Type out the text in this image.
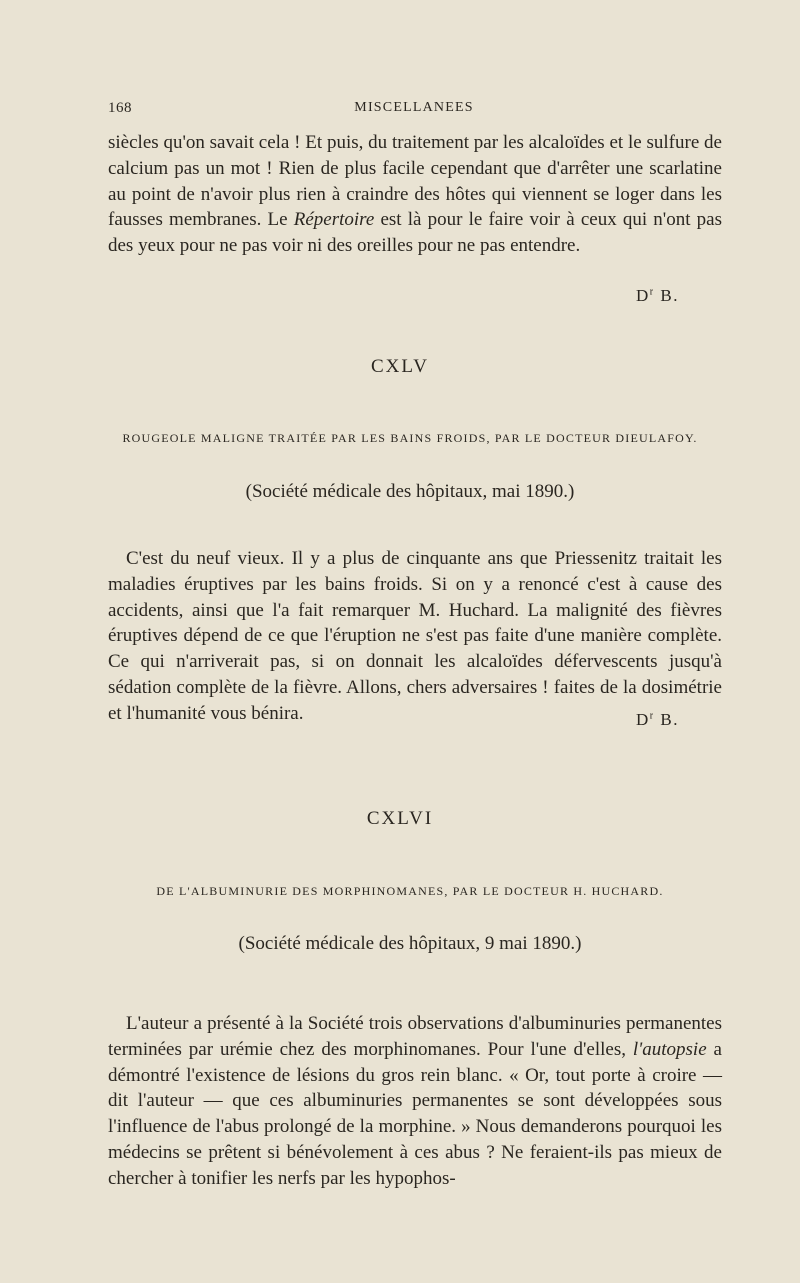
168	MISCELLANEES

siècles qu'on savait cela ! Et puis, du traitement par les alcaloïdes et le sulfure de calcium pas un mot ! Rien de plus facile cependant que d'arrêter une scarlatine au point de n'avoir plus rien à craindre des hôtes qui viennent se loger dans les fausses membranes. Le Répertoire est là pour le faire voir à ceux qui n'ont pas des yeux pour ne pas voir ni des oreilles pour ne pas entendre.

$D^r$ B.
CXLV
ROUGEOLE MALIGNE TRAITÉE PAR LES BAINS FROIDS, PAR LE DOCTEUR DIEULAFOY.
(Société médicale des hôpitaux, mai 1890.)

C'est du neuf vieux. Il y a plus de cinquante ans que Priessenitz traitait les maladies éruptives par les bains froids. Si on y a renoncé c'est à cause des accidents, ainsi que l'a fait remarquer M. Huchard. La malignité des fièvres éruptives dépend de ce que l'éruption ne s'est pas faite d'une manière complète. Ce qui n'arriverait pas, si on donnait les alcaloïdes défervescents jusqu'à sédation complète de la fièvre. Allons, chers adversaires ! faites de la dosimétrie et l'humanité vous bénira.	$D^r$ B.
CXLVI
DE L'ALBUMINURIE DES MORPHINOMANES, PAR LE DOCTEUR H. HUCHARD.
(Société médicale des hôpitaux, 9 mai 1890.)

L'auteur a présenté à la Société trois observations d'albuminuries permanentes terminées par urémie chez des morphinomanes. Pour l'une d'elles, l'autopsie a démontré l'existence de lésions du gros rein blanc. « Or, tout porte à croire — dit l'auteur — que ces albuminuries permanentes se sont développées sous l'influence de l'abus prolongé de la morphine. » Nous demanderons pourquoi les médecins se prêtent si bénévolement à ces abus ? Ne feraient-ils pas mieux de chercher à tonifier les nerfs par les hypophos-
